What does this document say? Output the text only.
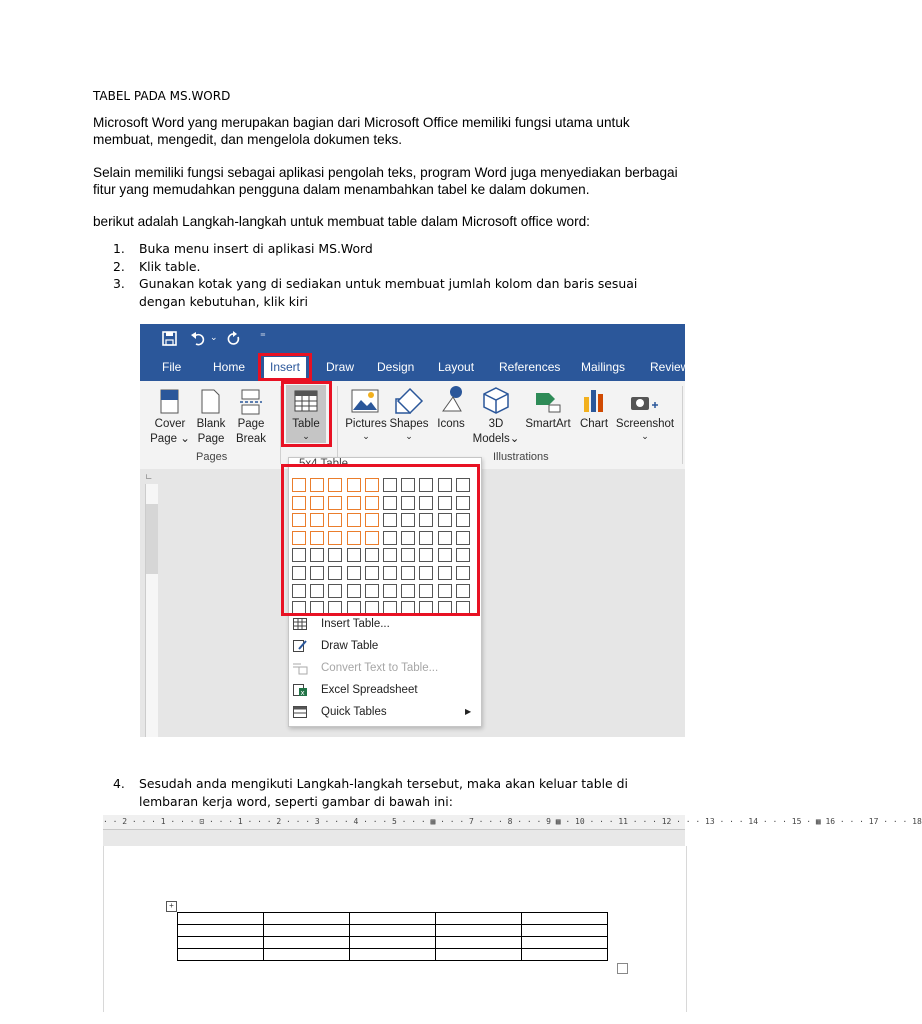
TABEL PADA MS.WORD
Microsoft Word yang merupakan bagian dari Microsoft Office memiliki fungsi utama untuk membuat, mengedit, dan mengelola dokumen teks.
Selain memiliki fungsi sebagai aplikasi pengolah teks, program Word juga menyediakan berbagai fitur yang memudahkan pengguna dalam menambahkan tabel ke dalam dokumen.
berikut adalah Langkah-langkah untuk membuat table dalam Microsoft office word:
1. Buka menu insert di aplikasi MS.Word
2. Klik table.
3. Gunakan kotak yang di sediakan untuk membuat jumlah kolom dan baris sesuai dengan kebutuhan, klik kiri
⌄	⁼
File	Home	Insert	Draw Design Layout References Mailings Review
Cover Page ⌄
Blank Page
Page Break
Pages
Table
⌄
Pictures
⌄
Shapes
⌄
Icons	3D
Models⌄
SmartArt Chart Screenshot
⌄
Illustrations
∟
5x4 Table
Insert Table...
Draw Table
Convert Text to Table...
x Excel Spreadsheet
Quick Tables	▶
4. Sesudah anda mengikuti Langkah-langkah tersebut, maka akan keluar table di lembaran kerja word, seperti gambar di bawah ini:
· · 2 · · · 1 · · · ⊡ · · · 1 · · · 2 · · · 3 · · · 4 · · · 5 · · · ▦ · · · 7 · · · 8 · · · 9 ▦ · 10 · · · 11 · · · 12 · · · 13 · · · 14 · · · 15 · ▦ 16 · · · 17 · · · 18
+
